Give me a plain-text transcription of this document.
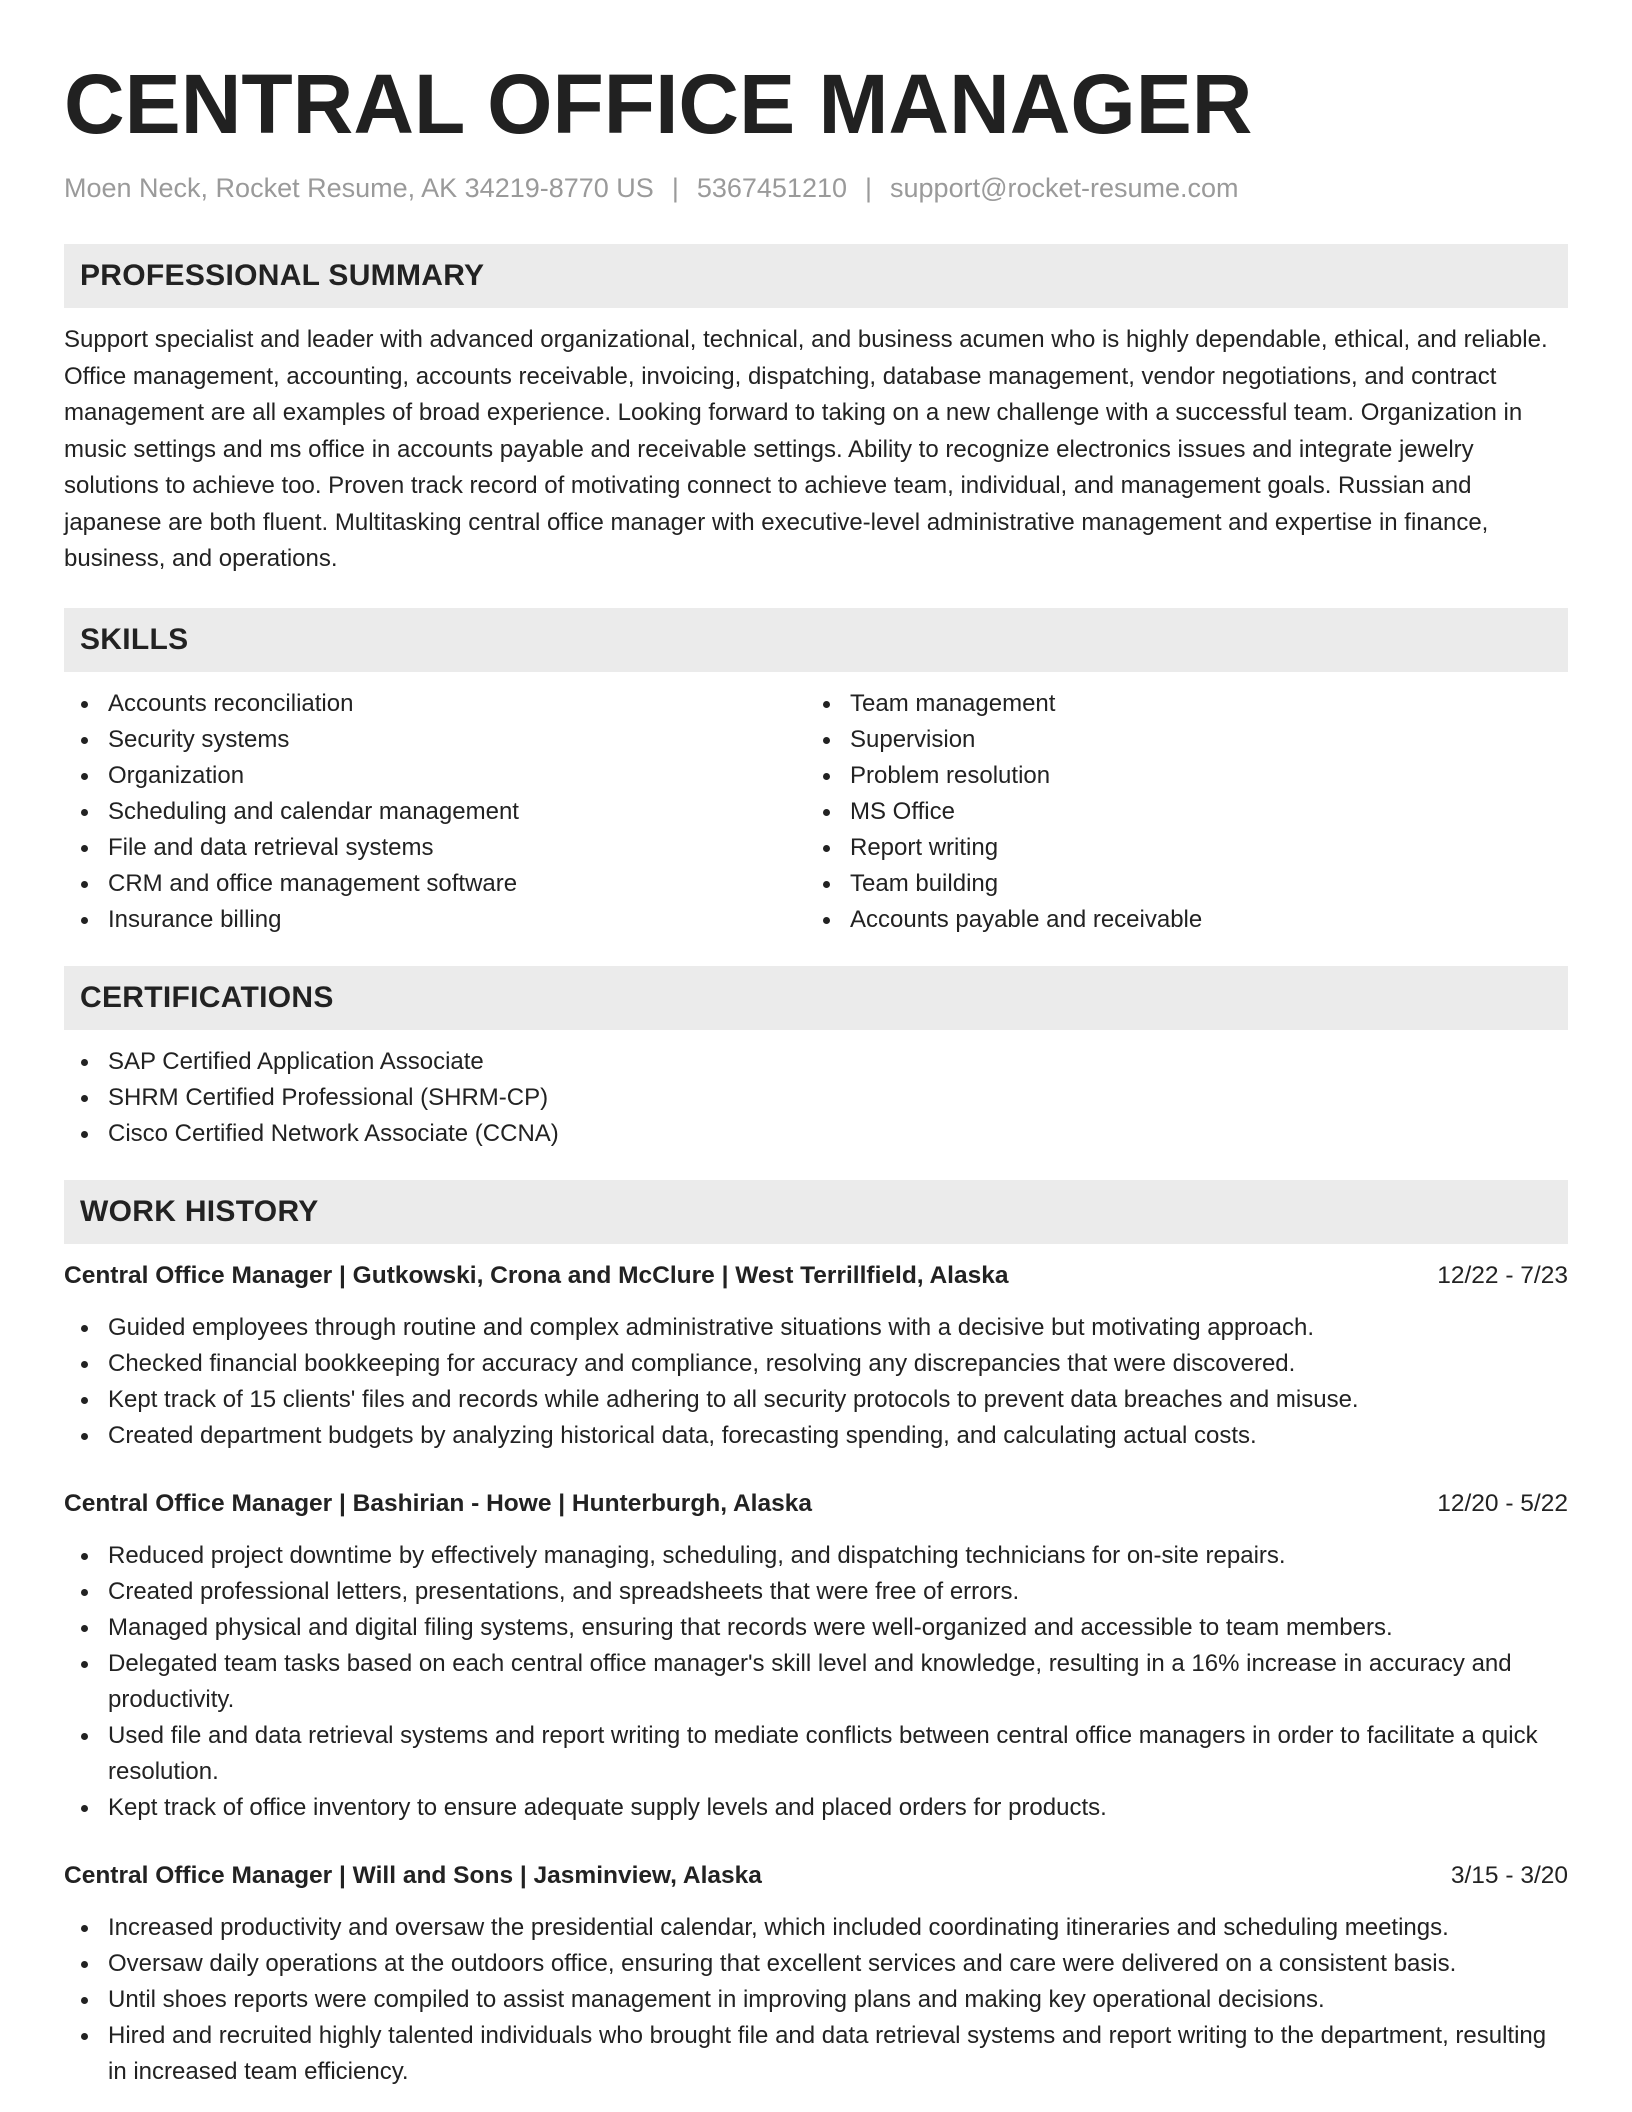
CENTRAL OFFICE MANAGER
Moen Neck, Rocket Resume, AK 34219-8770 US | 5367451210 | support@rocket-resume.com
PROFESSIONAL SUMMARY

Support specialist and leader with advanced organizational, technical, and business acumen who is highly dependable, ethical, and reliable. Office management, accounting, accounts receivable, invoicing, dispatching, database management, vendor negotiations, and contract management are all examples of broad experience. Looking forward to taking on a new challenge with a successful team. Organization in music settings and ms office in accounts payable and receivable settings. Ability to recognize electronics issues and integrate jewelry solutions to achieve too. Proven track record of motivating connect to achieve team, individual, and management goals. Russian and japanese are both fluent. Multitasking central office manager with executive-level administrative management and expertise in finance, business, and operations.

SKILLS
Accounts reconciliation
Security systems
Organization
Scheduling and calendar management
File and data retrieval systems
CRM and office management software
Insurance billing
Team management
Supervision
Problem resolution
MS Office
Report writing
Team building
Accounts payable and receivable
CERTIFICATIONS
SAP Certified Application Associate
SHRM Certified Professional (SHRM-CP)
Cisco Certified Network Associate (CCNA)
WORK HISTORY
Central Office Manager | Gutkowski, Crona and McClure | West Terrillfield, Alaska	12/22 - 7/23
Guided employees through routine and complex administrative situations with a decisive but motivating approach.
Checked financial bookkeeping for accuracy and compliance, resolving any discrepancies that were discovered.
Kept track of 15 clients' files and records while adhering to all security protocols to prevent data breaches and misuse.
Created department budgets by analyzing historical data, forecasting spending, and calculating actual costs.
Central Office Manager | Bashirian - Howe | Hunterburgh, Alaska	12/20 - 5/22
Reduced project downtime by effectively managing, scheduling, and dispatching technicians for on-site repairs.
Created professional letters, presentations, and spreadsheets that were free of errors.
Managed physical and digital filing systems, ensuring that records were well-organized and accessible to team members.
Delegated team tasks based on each central office manager's skill level and knowledge, resulting in a 16% increase in accuracy and productivity.
Used file and data retrieval systems and report writing to mediate conflicts between central office managers in order to facilitate a quick resolution.
Kept track of office inventory to ensure adequate supply levels and placed orders for products.
Central Office Manager | Will and Sons | Jasminview, Alaska	3/15 - 3/20
Increased productivity and oversaw the presidential calendar, which included coordinating itineraries and scheduling meetings.
Oversaw daily operations at the outdoors office, ensuring that excellent services and care were delivered on a consistent basis.
Until shoes reports were compiled to assist management in improving plans and making key operational decisions.
Hired and recruited highly talented individuals who brought file and data retrieval systems and report writing to the department, resulting in increased team efficiency.
